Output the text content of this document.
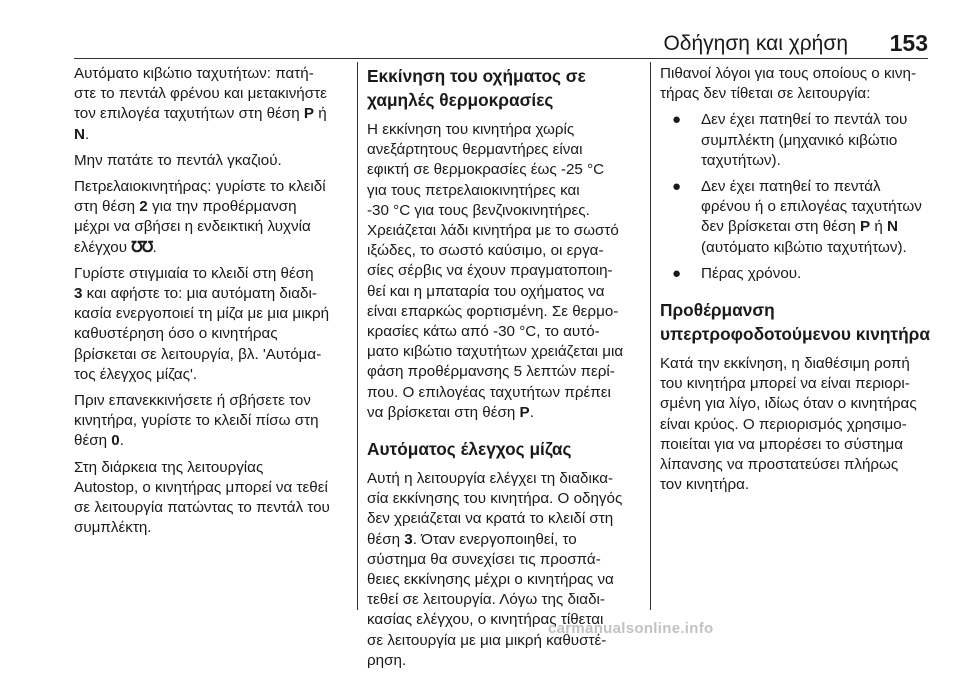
Οδήγηση και χρήση 153

Αυτόματο κιβώτιο ταχυτήτων: πατή-
στε το πεντάλ φρένου και μετακινήστε
τον επιλογέα ταχυτήτων στη θέση P ή
N.

Μην πατάτε το πεντάλ γκαζιού.

Πετρελαιοκινητήρας: γυρίστε το κλειδί
στη θέση 2 για την προθέρμανση
μέχρι να σβήσει η ενδεικτική λυχνία
ελέγχου ℧℧.

Γυρίστε στιγμιαία το κλειδί στη θέση
3 και αφήστε το: μια αυτόματη διαδι-
κασία ενεργοποιεί τη μίζα με μια μικρή
καθυστέρηση όσο ο κινητήρας
βρίσκεται σε λειτουργία, βλ. 'Αυτόμα-
τος έλεγχος μίζας'.

Πριν επανεκκινήσετε ή σβήσετε τον
κινητήρα, γυρίστε το κλειδί πίσω στη
θέση 0.

Στη διάρκεια της λειτουργίας
Autostop, ο κινητήρας μπορεί να τεθεί
σε λειτουργία πατώντας το πεντάλ του
συμπλέκτη.

Εκκίνηση του οχήματος σε
χαμηλές θερμοκρασίες

Η εκκίνηση του κινητήρα χωρίς
ανεξάρτητους θερμαντήρες είναι
εφικτή σε θερμοκρασίες έως -25 °C
για τους πετρελαιοκινητήρες και
-30 °C για τους βενζινοκινητήρες.
Χρειάζεται λάδι κινητήρα με το σωστό
ιξώδες, το σωστό καύσιμο, οι εργα-
σίες σέρβις να έχουν πραγματοποιη-
θεί και η μπαταρία του οχήματος να
είναι επαρκώς φορτισμένη. Σε θερμο-
κρασίες κάτω από -30 °C, το αυτό-
ματο κιβώτιο ταχυτήτων χρειάζεται μια
φάση προθέρμανσης 5 λεπτών περί-
που. Ο επιλογέας ταχυτήτων πρέπει
να βρίσκεται στη θέση P.

Αυτόματος έλεγχος μίζας

Αυτή η λειτουργία ελέγχει τη διαδικα-
σία εκκίνησης του κινητήρα. Ο οδηγός
δεν χρειάζεται να κρατά το κλειδί στη
θέση 3. Όταν ενεργοποιηθεί, το
σύστημα θα συνεχίσει τις προσπά-
θειες εκκίνησης μέχρι ο κινητήρας να
τεθεί σε λειτουργία. Λόγω της διαδι-
κασίας ελέγχου, ο κινητήρας τίθεται
σε λειτουργία με μια μικρή καθυστέ-
ρηση.

Πιθανοί λόγοι για τους οποίους ο κινη-
τήρας δεν τίθεται σε λειτουργία:

● Δεν έχει πατηθεί το πεντάλ του
συμπλέκτη (μηχανικό κιβώτιο
ταχυτήτων).
● Δεν έχει πατηθεί το πεντάλ
φρένου ή ο επιλογέας ταχυτήτων
δεν βρίσκεται στη θέση P ή N
(αυτόματο κιβώτιο ταχυτήτων).
● Πέρας χρόνου.
Προθέρμανση
υπερτροφοδοτούμενου κινητήρα

Κατά την εκκίνηση, η διαθέσιμη ροπή
του κινητήρα μπορεί να είναι περιορι-
σμένη για λίγο, ιδίως όταν ο κινητήρας
είναι κρύος. Ο περιορισμός χρησιμο-
ποιείται για να μπορέσει το σύστημα
λίπανσης να προστατεύσει πλήρως
τον κινητήρα.

carmanualsonline.info
